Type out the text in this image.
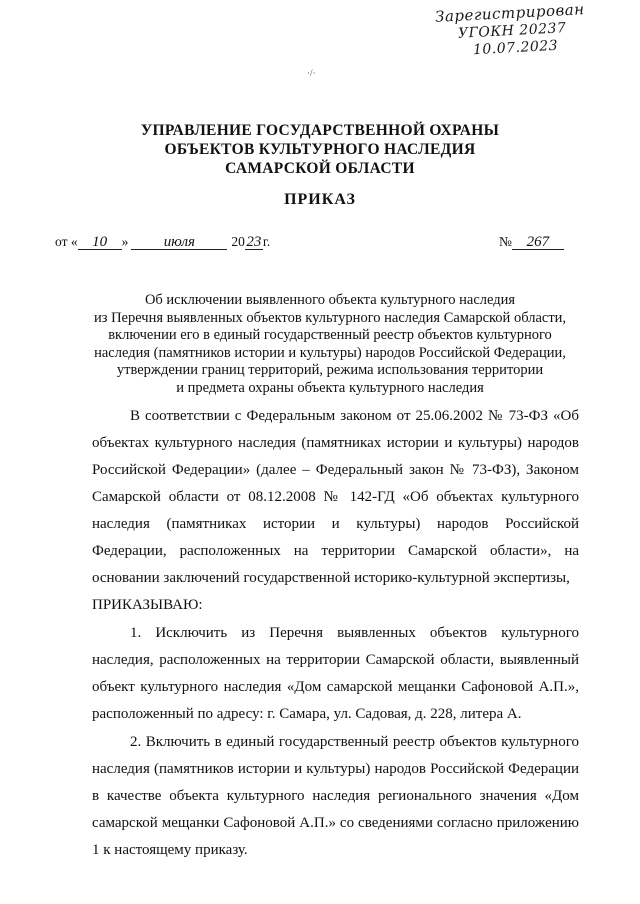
Зарегистрирован
УГОКН 20237
10.07.2023
·/·
УПРАВЛЕНИЕ ГОСУДАРСТВЕННОЙ ОХРАНЫ
ОБЪЕКТОВ КУЛЬТУРНОГО НАСЛЕДИЯ
САМАРСКОЙ ОБЛАСТИ
ПРИКАЗ
от « 10	»	июля	20 23 г.	№ 267
Об исключении выявленного объекта культурного наследия
из Перечня выявленных объектов культурного наследия Самарской области,
включении его в единый государственный реестр объектов культурного
наследия (памятников истории и культуры) народов Российской Федерации,
утверждении границ территорий, режима использования территории
и предмета охраны объекта культурного наследия

В соответствии с Федеральным законом от 25.06.2002 № 73-ФЗ «Об объектах культурного наследия (памятниках истории и культуры) народов Российской Федерации» (далее – Федеральный закон № 73-ФЗ), Законом Самарской области от 08.12.2008 № 142-ГД «Об объектах культурного наследия (памятниках истории и культуры) народов Российской Федерации, расположенных на территории Самарской области», на основании заключений государственной историко-культурной экспертизы,

ПРИКАЗЫВАЮ:

1. Исключить из Перечня выявленных объектов культурного наследия, расположенных на территории Самарской области, выявленный объект культурного наследия «Дом самарской мещанки Сафоновой А.П.», расположенный по адресу: г. Самара, ул. Садовая, д. 228, литера А.

2. Включить в единый государственный реестр объектов культурного наследия (памятников истории и культуры) народов Российской Федерации в качестве объекта культурного наследия регионального значения «Дом самарской мещанки Сафоновой А.П.» со сведениями согласно приложению 1 к настоящему приказу.
